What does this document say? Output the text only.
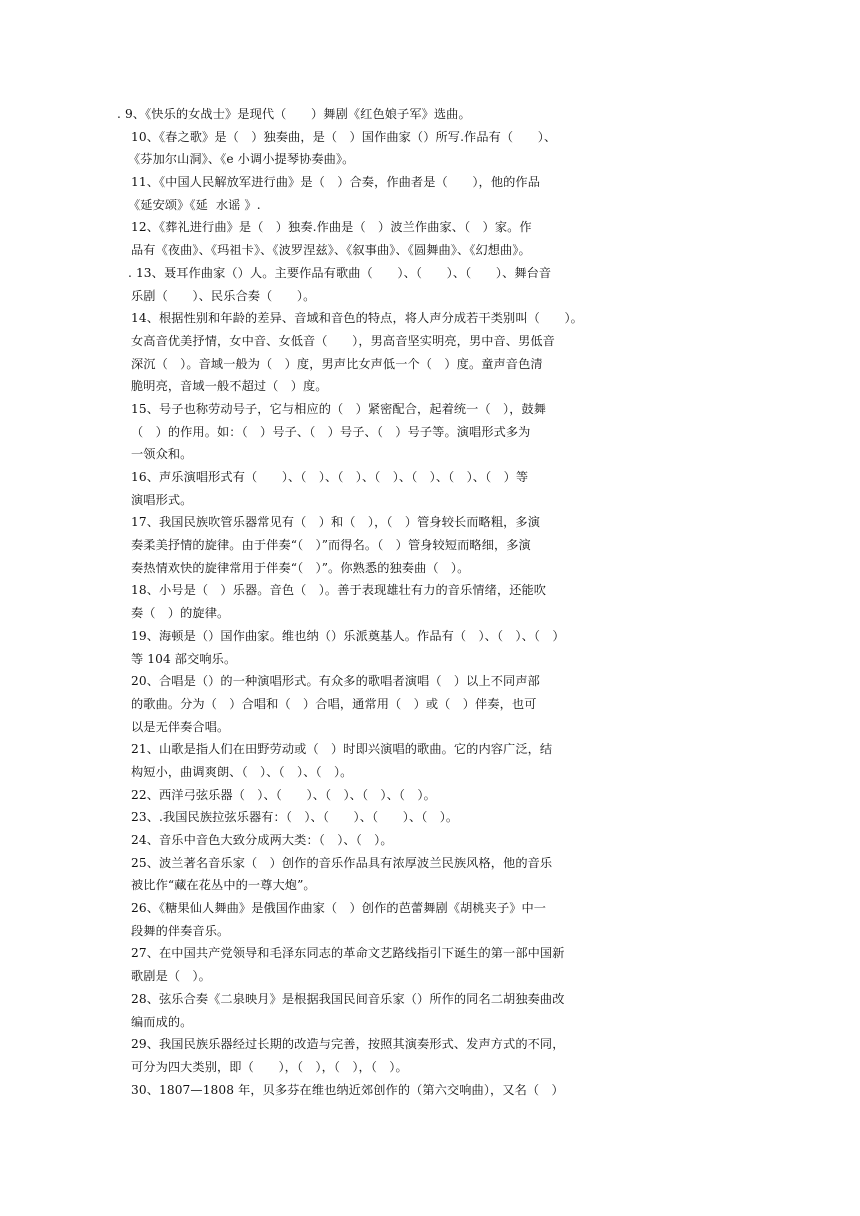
. 9、《快乐的女战士》是现代（　　）舞剧《红色娘子军》选曲。
10、《春之歌》是（　）独奏曲，是（　）国作曲家（）所写.作品有（　　）、
《芬加尔山洞》、《e 小调小提琴协奏曲》。
11、《中国人民解放军进行曲》是（　）合奏，作曲者是（　　），他的作品
《延安颂》《延  水谣 》.
12、《葬礼进行曲》是（　）独奏.作曲是（　）波兰作曲家、（　）家。作
品有《夜曲》、《玛祖卡》、《波罗涅兹》、《叙事曲》、《圆舞曲》、《幻想曲》。
. 13、聂耳作曲家（）人。主要作品有歌曲（　　）、（　　）、（　　）、舞台音
乐剧（　　）、民乐合奏（　　）。
14、根据性别和年龄的差异、音域和音色的特点，将人声分成若干类别叫（　　）。
女高音优美抒情，女中音、女低音（　　），男高音坚实明亮，男中音、男低音
深沉（　）。音域一般为（　）度，男声比女声低一个（　）度。童声音色清
脆明亮，音域一般不超过（　）度。
15、号子也称劳动号子，它与相应的（　）紧密配合，起着统一（　），鼓舞
（　）的作用。如：（　）号子、（　）号子、（　）号子等。演唱形式多为
一领众和。
16、声乐演唱形式有（　　）、（　）、（　）、（　）、（　）、（　）、（　）等
演唱形式。
17、我国民族吹管乐器常见有（　）和（　），（　）管身较长而略粗，多演
奏柔美抒情的旋律。由于伴奏“（　）”而得名。（　）管身较短而略细，多演
奏热情欢快的旋律常用于伴奏“（　）”。你熟悉的独奏曲（　）。
18、小号是（　）乐器。音色（　）。善于表现雄壮有力的音乐情绪，还能吹
奏（　）的旋律。
19、海顿是（）国作曲家。维也纳（）乐派奠基人。作品有（　）、（　）、（　）
等 104 部交响乐。
20、合唱是（）的一种演唱形式。有众多的歌唱者演唱（　）以上不同声部
的歌曲。分为（　）合唱和（　）合唱，通常用（　）或（　）伴奏，也可
以是无伴奏合唱。
21、山歌是指人们在田野劳动或（　）时即兴演唱的歌曲。它的内容广泛，结
构短小，曲调爽朗、（　）、（　）、（　）。
22、西洋弓弦乐器（　）、（　　）、（　）、（　）、（　）。
23、.我国民族拉弦乐器有：（　）、（　　）、（　　）、（　）。
24、音乐中音色大致分成两大类：（　）、（　）。
25、波兰著名音乐家（　）创作的音乐作品具有浓厚波兰民族风格，他的音乐
被比作“藏在花丛中的一尊大炮”。
26、《糖果仙人舞曲》是俄国作曲家（　）创作的芭蕾舞剧《胡桃夹子》中一
段舞的伴奏音乐。
27、在中国共产党领导和毛泽东同志的革命文艺路线指引下诞生的第一部中国新
歌剧是（　）。
28、弦乐合奏《二泉映月》是根据我国民间音乐家（）所作的同名二胡独奏曲改
编而成的。
29、我国民族乐器经过长期的改造与完善，按照其演奏形式、发声方式的不同，
可分为四大类别，即（　　），（　），（　），（　）。
30、1807—1808 年，贝多芬在维也纳近郊创作的（第六交响曲），又名（　）
